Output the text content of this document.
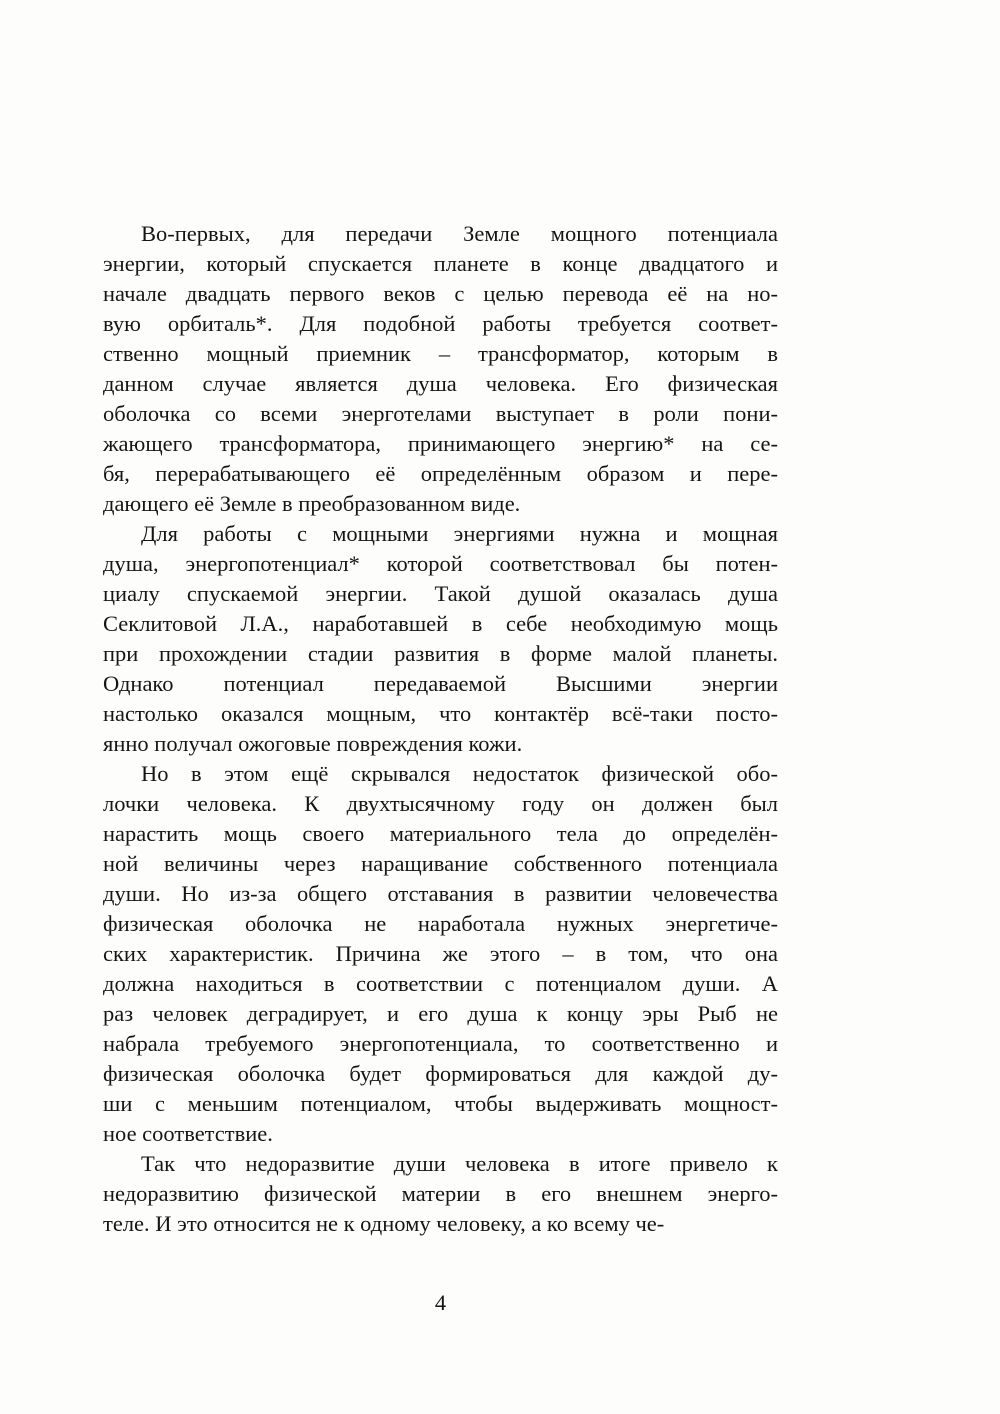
Во-первых, для передачи Земле мощного потенциала
энергии, который спускается планете в конце двадцатого и
начале двадцать первого веков с целью перевода её на но-
вую орбиталь*. Для подобной работы требуется соответ-
ственно мощный приемник – трансформатор, которым в
данном случае является душа человека. Его физическая
оболочка со всеми энерготелами выступает в роли пони-
жающего трансформатора, принимающего энергию* на се-
бя, перерабатывающего её определённым образом и пере-
дающего её Земле в преобразованном виде.
Для работы с мощными энергиями нужна и мощная
душа, энергопотенциал* которой соответствовал бы потен-
циалу спускаемой энергии. Такой душой оказалась душа
Секлитовой Л.А., наработавшей в себе необходимую мощь
при прохождении стадии развития в форме малой планеты.
Однако потенциал передаваемой Высшими энергии
настолько оказался мощным, что контактёр всё-таки посто-
янно получал ожоговые повреждения кожи.
Но в этом ещё скрывался недостаток физической обо-
лочки человека. К двухтысячному году он должен был
нарастить мощь своего материального тела до определён-
ной величины через наращивание собственного потенциала
души. Но из-за общего отставания в развитии человечества
физическая оболочка не наработала нужных энергетиче-
ских характеристик. Причина же этого – в том, что она
должна находиться в соответствии с потенциалом души. А
раз человек деградирует, и его душа к концу эры Рыб не
набрала требуемого энергопотенциала, то соответственно и
физическая оболочка будет формироваться для каждой ду-
ши с меньшим потенциалом, чтобы выдерживать мощност-
ное соответствие.
Так что недоразвитие души человека в итоге привело к
недоразвитию физической материи в его внешнем энерго-
теле. И это относится не к одному человеку, а ко всему че-
4
